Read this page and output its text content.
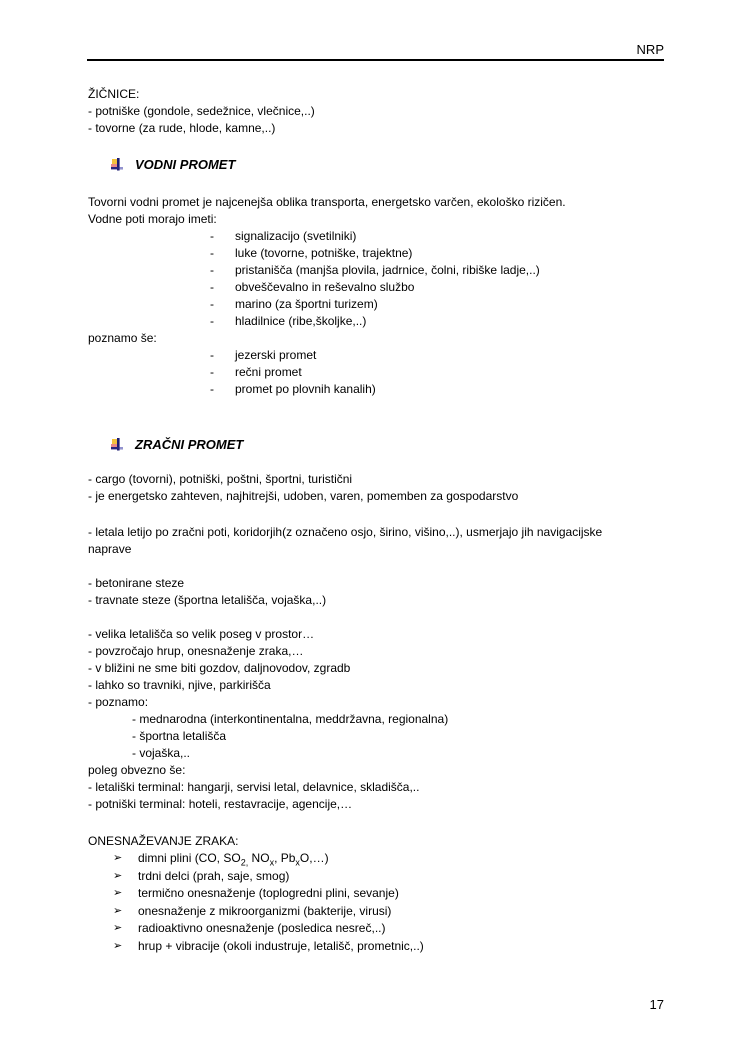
NRP
ŽIČNICE:
- potniške (gondole, sedežnice, vlečnice,..)
- tovorne (za rude, hlode, kamne,..)
VODNI PROMET
Tovorni vodni promet je najcenejša oblika transporta, energetsko varčen, ekološko rizičen.
Vodne poti morajo imeti:
- signalizacijo (svetilniki)
- luke (tovorne, potniške, trajektne)
- pristanišča (manjša plovila, jadrnice, čolni, ribiške ladje,..)
- obveščevalno in reševalno službo
- marino (za športni turizem)
- hladilnice (ribe,školjke,..)
poznamo še:
- jezerski promet
- rečni promet
- promet po plovnih kanalih)
ZRAČNI PROMET
- cargo (tovorni), potniški, poštni, športni, turistični
- je energetsko zahteven, najhitrejši, udoben, varen, pomemben za gospodarstvo
- letala letijo po zračni poti, koridorjih(z označeno osjo, širino, višino,..), usmerjajo jih navigacijske
naprave
- betonirane steze
- travnate steze (športna letališča, vojaška,..)
- velika letališča so velik poseg v prostor…
- povzročajo hrup, onesnaženje zraka,…
- v bližini ne sme biti gozdov, daljnovodov, zgradb
- lahko so travniki, njive, parkirišča
- poznamo:
- mednarodna (interkontinentalna, meddržavna, regionalna)
- športna letališča
- vojaška,..
poleg obvezno še:
- letališki terminal: hangarji, servisi letal, delavnice, skladišča,..
- potniški terminal: hoteli, restavracije, agencije,…
ONESNAŽEVANJE ZRAKA:
➢ dimni plini (CO, $SO_{2,}$ $NO_x$, $Pb_xO,\dots$)
➢ trdni delci (prah, saje, smog)
➢ termično onesnaženje (toplogredni plini, sevanje)
➢ onesnaženje z mikroorganizmi (bakterije, virusi)
➢ radioaktivno onesnaženje (posledica nesreč,..)
➢ hrup + vibracije (okoli industruje, letališč, prometnic,..)
17
